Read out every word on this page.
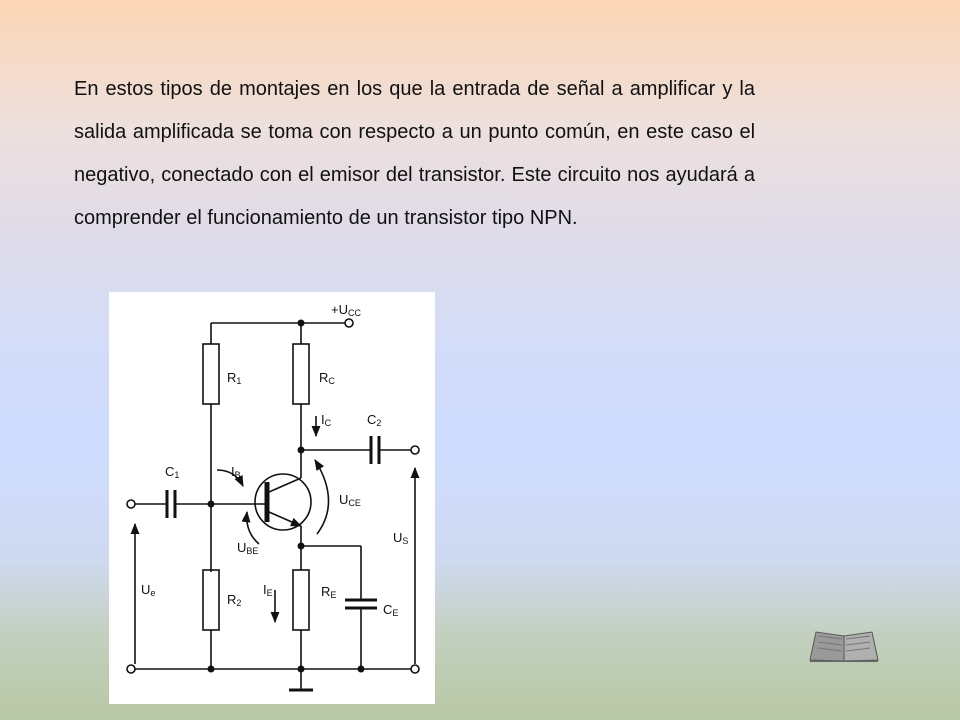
En estos tipos de montajes en los que la entrada de señal a amplificar y la salida amplificada se toma con respecto a un punto común, en este caso el negativo, conectado con el emisor del transistor. Este circuito nos ayudará a comprender el funcionamiento de un transistor tipo NPN.
+UCC
R1	RC
IC	C2
C1	IB
UCE
UBE
US
Ue	IE	RE
R2	CE
